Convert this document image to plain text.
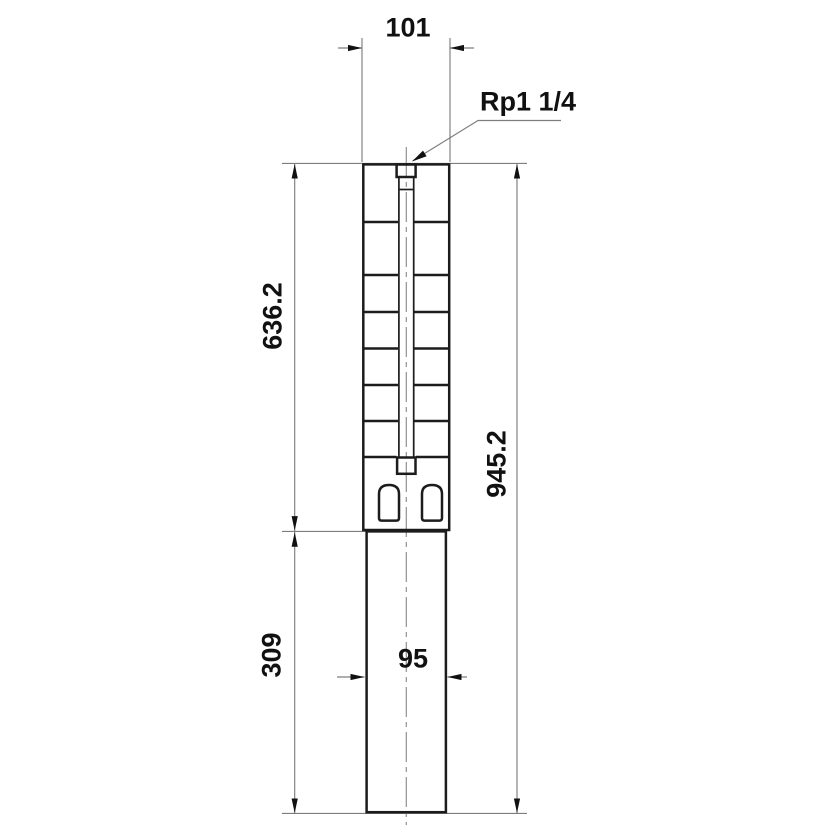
101
Rp1 1/4
636.2
945.2
309	95
